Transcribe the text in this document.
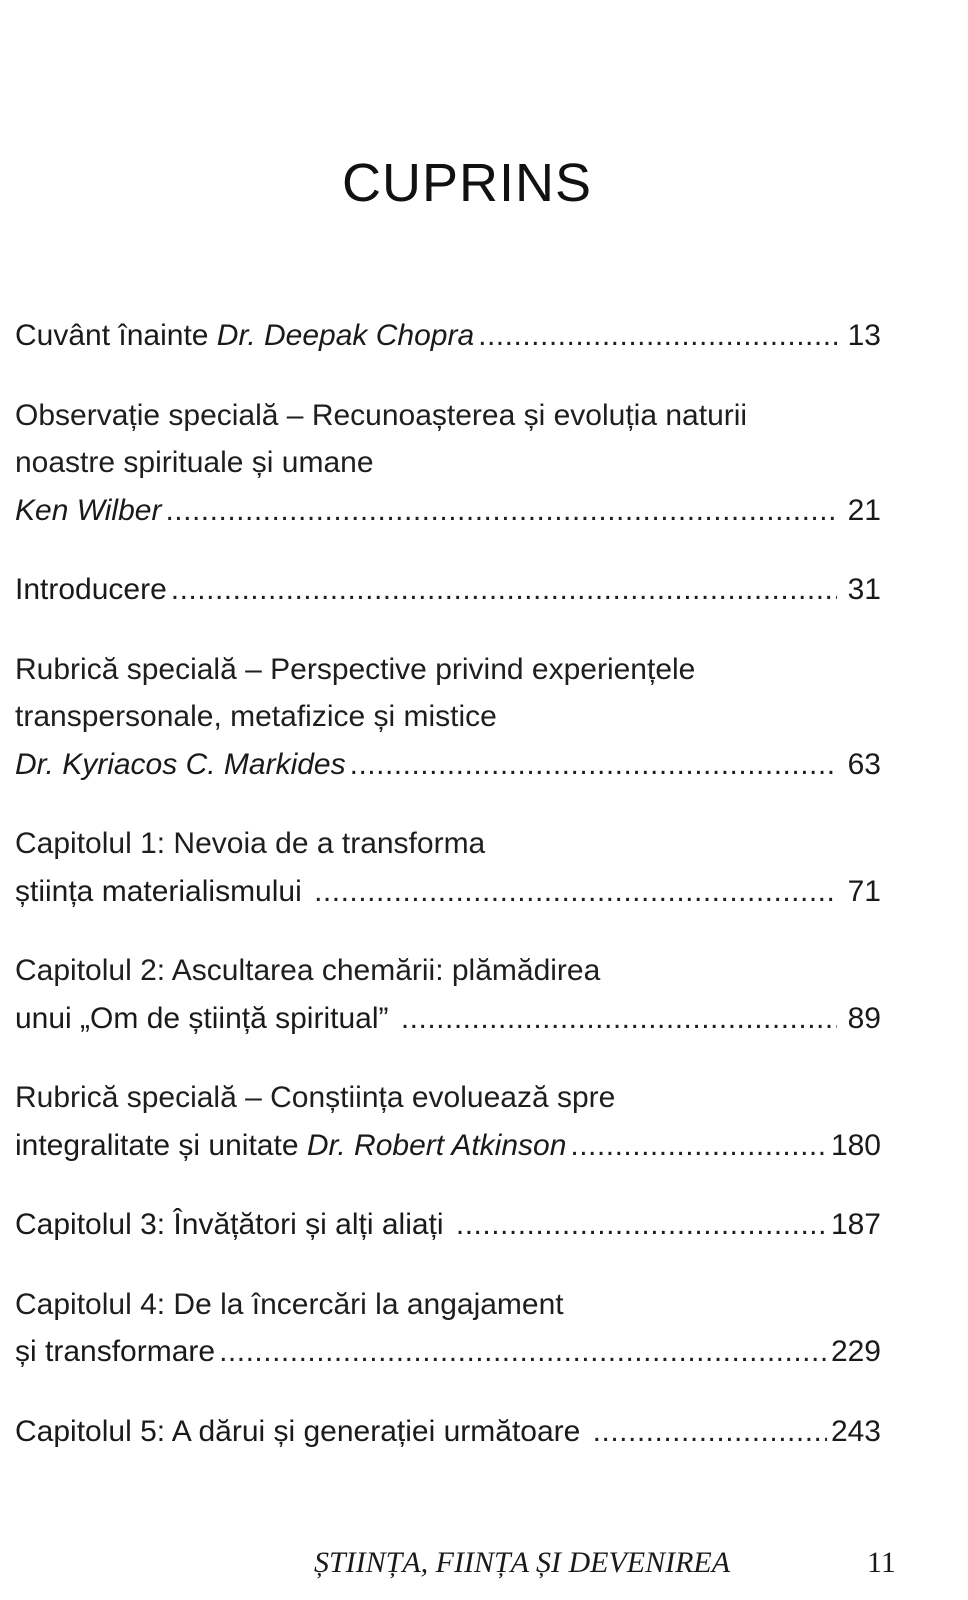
CUPRINS
Cuvânt înainte Dr. Deepak Chopra .....	13
Observație specială – Recunoașterea și evoluția naturii
noastre spirituale și umane
Ken Wilber .....	21
Introducere .....	31
Rubrică specială – Perspective privind experiențele
transpersonale, metafizice și mistice
Dr. Kyriacos C. Markides .....	63
Capitolul 1: Nevoia de a transforma
știința materialismului .....	71
Capitolul 2: Ascultarea chemării: plămădirea
unui „Om de știință spiritual” .....	89
Rubrică specială – Conștiința evoluează spre
integralitate și unitate Dr. Robert Atkinson .....	180
Capitolul 3: Învățători și alți aliați .....	187
Capitolul 4: De la încercări la angajament
și transformare .....	229
Capitolul 5: A dărui și generației următoare .....	243
ȘTIINȚA, FIINȚA ȘI DEVENIREA	11
